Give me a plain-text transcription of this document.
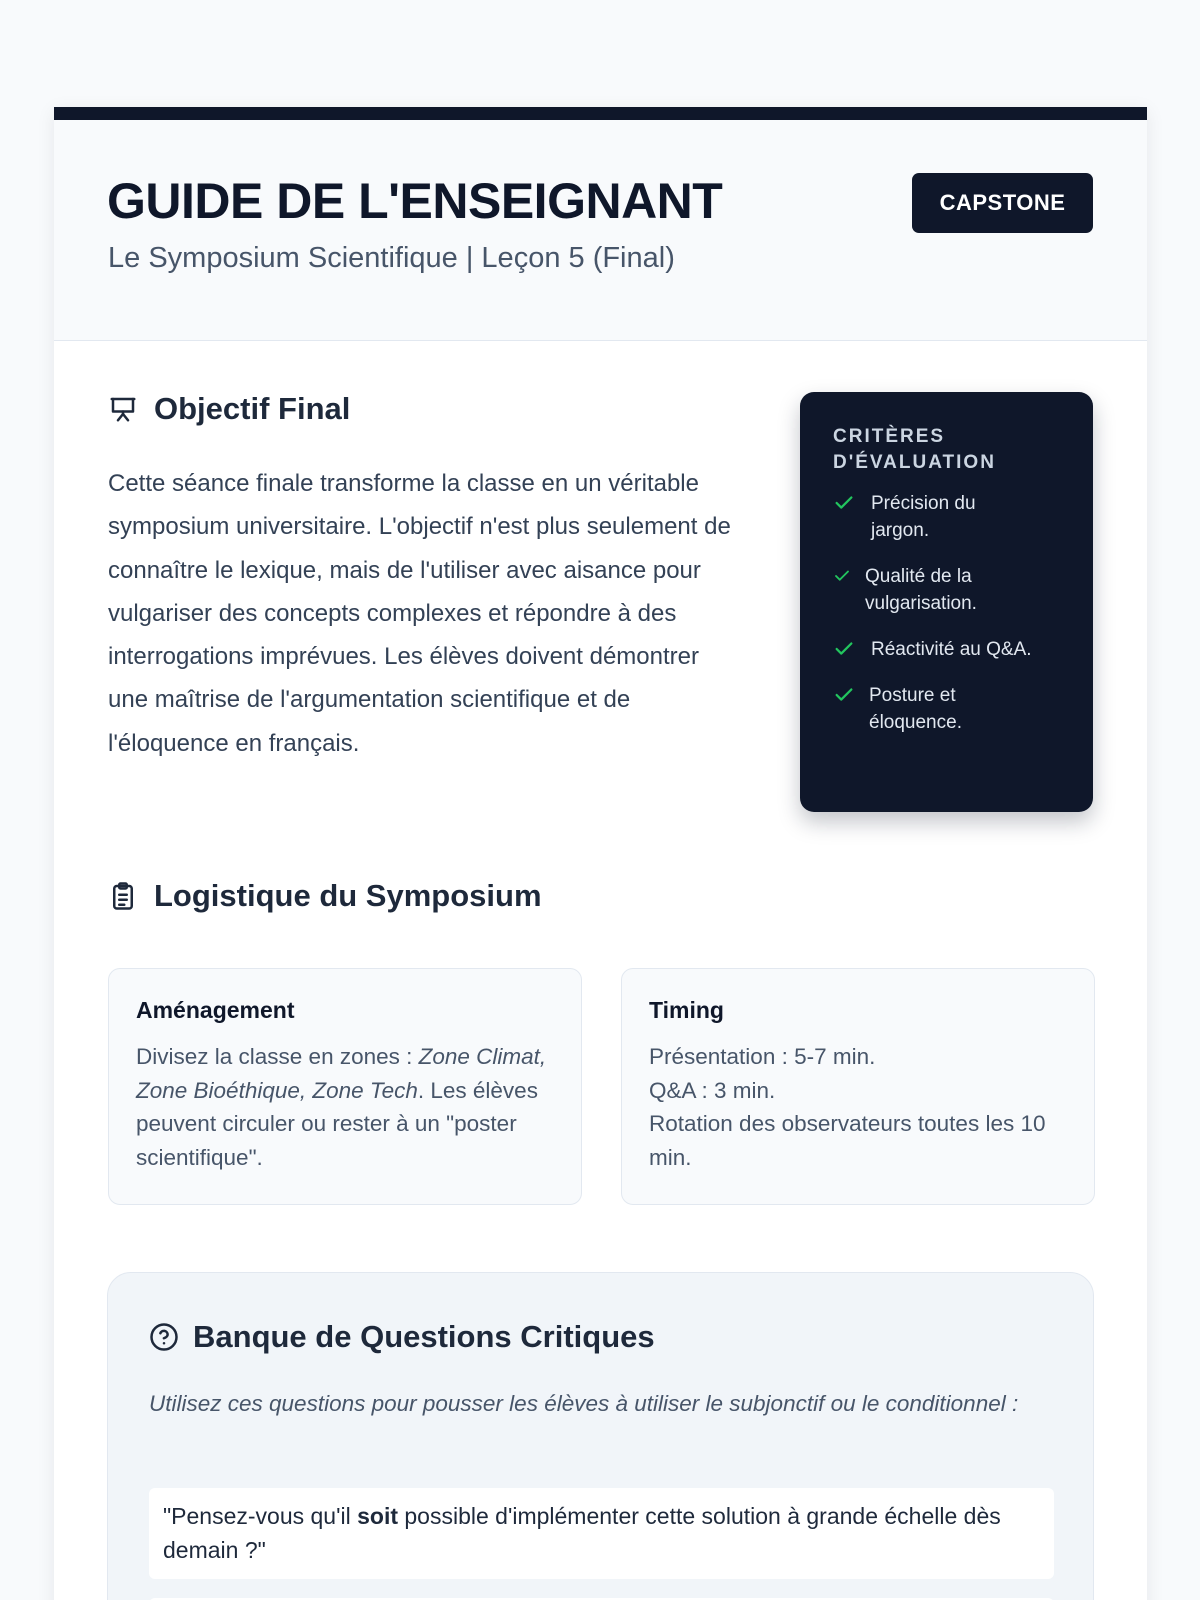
GUIDE DE L'ENSEIGNANT
Le Symposium Scientifique | Leçon 5 (Final)
CAPSTONE
Objectif Final
Cette séance finale transforme la classe en un véritable symposium universitaire. L'objectif n'est plus seulement de connaître le lexique, mais de l'utiliser avec aisance pour vulgariser des concepts complexes et répondre à des interrogations imprévues. Les élèves doivent démontrer une maîtrise de l'argumentation scientifique et de l'éloquence en français.
CRITÈRES
D'ÉVALUATION
Précision du jargon.
Qualité de la vulgarisation.
Réactivité au Q&A.
Posture et éloquence.
Logistique du Symposium
Aménagement
Divisez la classe en zones : Zone Climat, Zone Bioéthique, Zone Tech. Les élèves peuvent circuler ou rester à un "poster scientifique".
Timing
Présentation : 5-7 min.
Q&A : 3 min.
Rotation des observateurs toutes les 10 min.
Banque de Questions Critiques
Utilisez ces questions pour pousser les élèves à utiliser le subjonctif ou le conditionnel :
"Pensez-vous qu'il soit possible d'implémenter cette solution à grande échelle dès demain ?"
